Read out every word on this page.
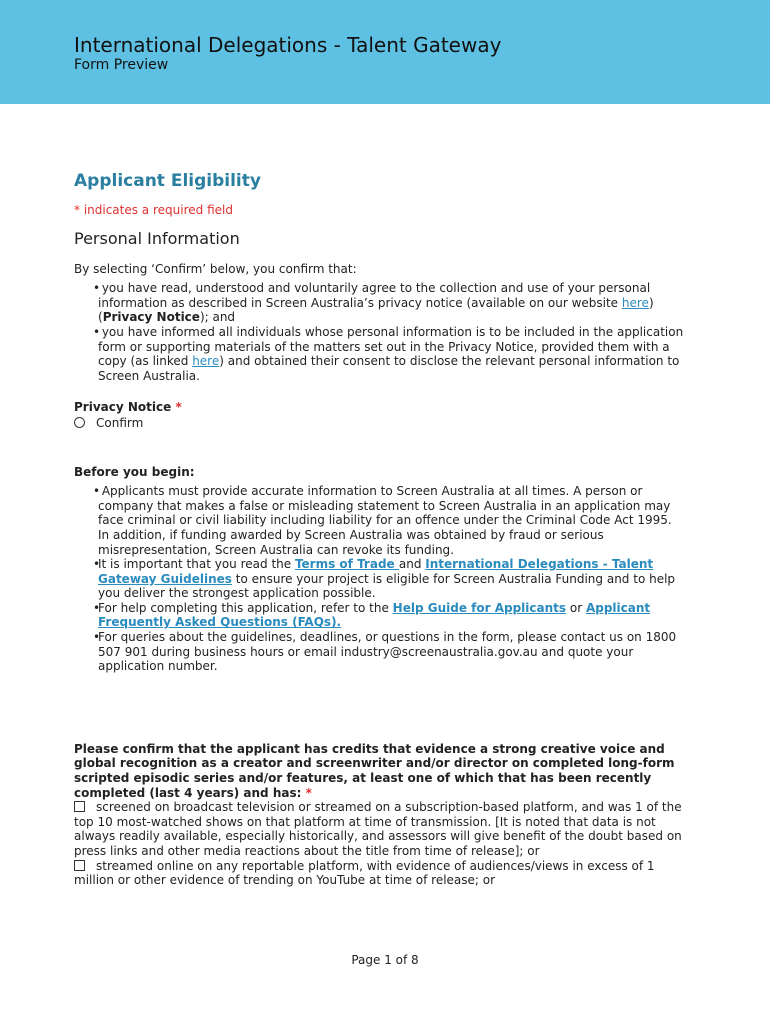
International Delegations - Talent Gateway
Form Preview
Applicant Eligibility
* indicates a required field
Personal Information
By selecting ‘Confirm’ below, you confirm that:
• you have read, understood and voluntarily agree to the collection and use of your personal information as described in Screen Australia’s privacy notice (available on our website here) (Privacy Notice); and
• you have informed all individuals whose personal information is to be included in the application form or supporting materials of the matters set out in the Privacy Notice, provided them with a copy (as linked here) and obtained their consent to disclose the relevant personal information to Screen Australia.
Privacy Notice *
Confirm
Before you begin:
• Applicants must provide accurate information to Screen Australia at all times. A person or company that makes a false or misleading statement to Screen Australia in an application may face criminal or civil liability including liability for an offence under the Criminal Code Act 1995. In addition, if funding awarded by Screen Australia was obtained by fraud or serious misrepresentation, Screen Australia can revoke its funding.
•
It is important that you read the Terms of Trade and International Delegations - Talent Gateway Guidelines to ensure your project is eligible for Screen Australia Funding and to help you deliver the strongest application possible.
•
For help completing this application, refer to the Help Guide for Applicants or Applicant Frequently Asked Questions (FAQs).
•
For queries about the guidelines, deadlines, or questions in the form, please contact us on 1800 507 901 during business hours or email industry@screenaustralia.gov.au and quote your application number.
Please confirm that the applicant has credits that evidence a strong creative voice and global recognition as a creator and screenwriter and/or director on completed long-form scripted episodic series and/or features, at least one of which that has been recently completed (last 4 years) and has: *
screened on broadcast television or streamed on a subscription-based platform, and was 1 of the top 10 most-watched shows on that platform at time of transmission. [It is noted that data is not always readily available, especially historically, and assessors will give benefit of the doubt based on press links and other media reactions about the title from time of release]; or
streamed online on any reportable platform, with evidence of audiences/views in excess of 1 million or other evidence of trending on YouTube at time of release; or
Page 1 of 8
